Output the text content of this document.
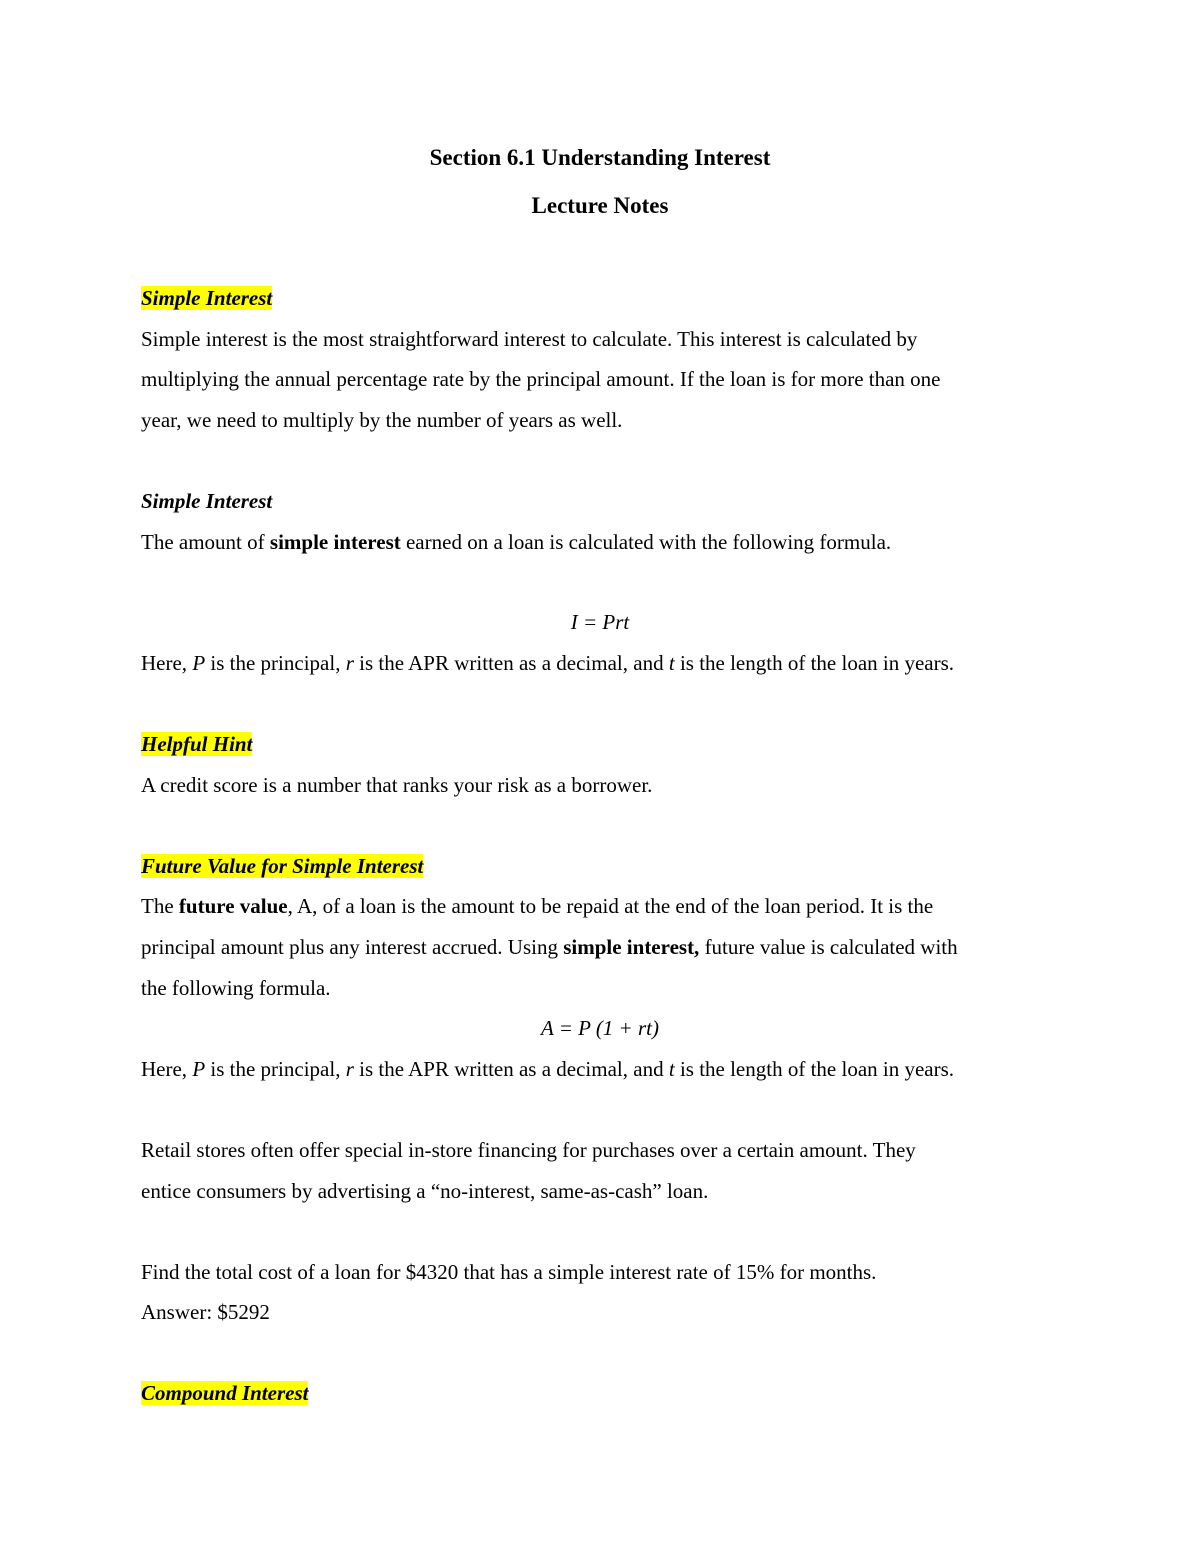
Section 6.1 Understanding Interest
Lecture Notes
Simple Interest
Simple interest is the most straightforward interest to calculate. This interest is calculated by
multiplying the annual percentage rate by the principal amount. If the loan is for more than one
year, we need to multiply by the number of years as well.
Simple Interest
The amount of simple interest earned on a loan is calculated with the following formula.
I = Prt
Here, P is the principal, r is the APR written as a decimal, and t is the length of the loan in years.
Helpful Hint
A credit score is a number that ranks your risk as a borrower.
Future Value for Simple Interest
The future value, A, of a loan is the amount to be repaid at the end of the loan period. It is the
principal amount plus any interest accrued. Using simple interest, future value is calculated with
the following formula.
A = P (1 + rt)
Here, P is the principal, r is the APR written as a decimal, and t is the length of the loan in years.
Retail stores often offer special in-store financing for purchases over a certain amount. They
entice consumers by advertising a “no-interest, same-as-cash” loan.
Find the total cost of a loan for $4320 that has a simple interest rate of 15% for months.
Answer: $5292
Compound Interest
